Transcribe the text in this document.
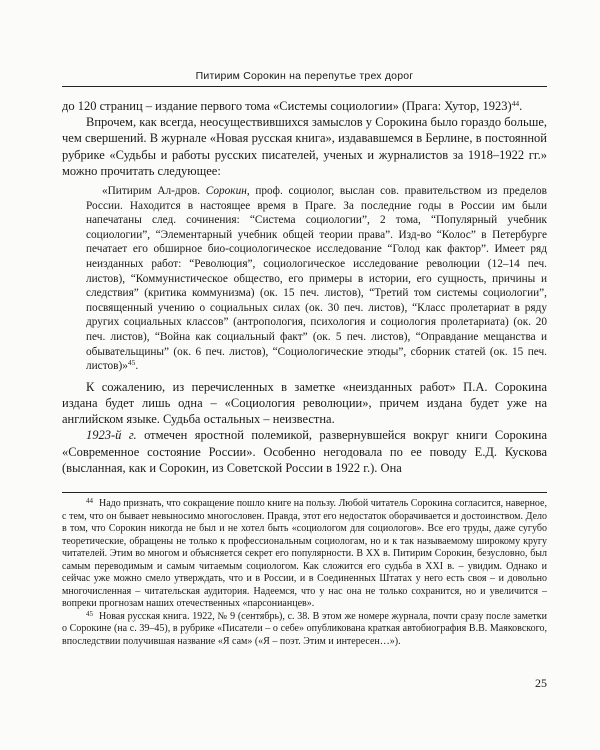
Питирим Сорокин на перепутье трех дорог

до 120 страниц – издание первого тома «Системы социологии» (Прага: Хутор, 1923)$^{44}$.

Впрочем, как всегда, неосуществившихся замыслов у Сорокина было гораздо больше, чем свершений. В журнале «Новая русская книга», издававшемся в Берлине, в постоянной рубрике «Судьбы и работы русских писателей, ученых и журналистов за 1918–1922 гг.» можно прочитать следующее:

«Питирим Ал-дров. Сорокин, проф. социолог, выслан сов. правительством из пределов России. Находится в настоящее время в Праге. За последние годы в России им были напечатаны след. сочинения: “Система социологии”, 2 тома, “Популярный учебник социологии”, “Элементарный учебник общей теории права”. Изд-во “Колос” в Петербурге печатает его обширное био-социологическое исследование “Голод как фактор”. Имеет ряд неизданных работ: “Революция”, социологическое исследование революции (12–14 печ. листов), “Коммунистическое общество, его примеры в истории, его сущность, причины и следствия” (критика коммунизма) (ок. 15 печ. листов), “Третий том системы социологии”, посвященный учению о социальных силах (ок. 30 печ. листов), “Класс пролетариат в ряду других социальных классов” (антропология, психология и социология пролетариата) (ок. 20 печ. листов), “Война как социальный факт” (ок. 5 печ. листов), “Оправдание мещанства и обывательщины” (ок. 6 печ. листов), “Социологические этюды”, сборник статей (ок. 15 печ. листов)»$^{45}$.

К сожалению, из перечисленных в заметке «неизданных работ» П.А. Сорокина издана будет лишь одна – «Социология революции», причем издана будет уже на английском языке. Судьба остальных – неизвестна.

1923-й г. отмечен яростной полемикой, развернувшейся вокруг книги Сорокина «Современное состояние России». Особенно негодовала по ее поводу Е.Д. Кускова (высланная, как и Сорокин, из Советской России в 1922 г.). Она

$^{44}$ Надо признать, что сокращение пошло книге на пользу. Любой читатель Сорокина согласится, наверное, с тем, что он бывает невыносимо многословен. Правда, этот его недостаток оборачивается и достоинством. Дело в том, что Сорокин никогда не был и не хотел быть «социологом для социологов». Все его труды, даже сугубо теоретические, обращены не только к профессиональным социологам, но и к так называемому широкому кругу читателей. Этим во многом и объясняется секрет его популярности. В XX в. Питирим Сорокин, безусловно, был самым переводимым и самым читаемым социологом. Как сложится его судьба в XXI в. – увидим. Однако и сейчас уже можно смело утверждать, что и в России, и в Соединенных Штатах у него есть своя – и довольно многочисленная – читательская аудитория. Надеемся, что у нас она не только сохранится, но и увеличится – вопреки прогнозам наших отечественных «парсонианцев».

$^{45}$ Новая русская книга. 1922, № 9 (сентябрь), с. 38. В этом же номере журнала, почти сразу после заметки о Сорокине (на с. 39–45), в рубрике «Писатели – о себе» опубликована краткая автобиография В.В. Маяковского, впоследствии получившая название «Я сам» («Я – поэт. Этим и интересен…»).

25
